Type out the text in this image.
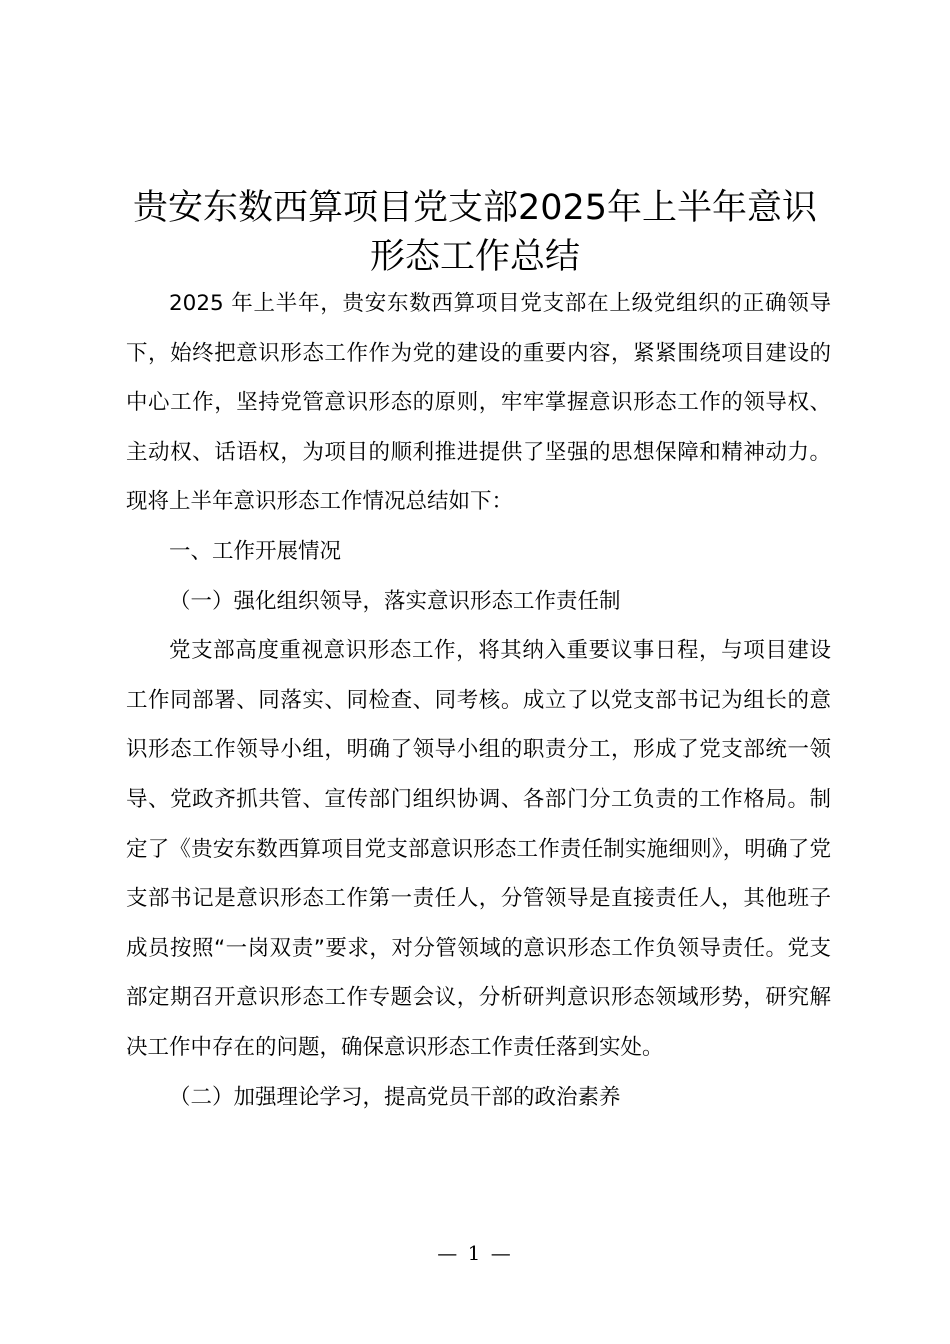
贵安东数西算项目党支部2025年上半年意识
形态工作总结

2025 年上半年，贵安东数西算项目党支部在上级党组织的正确领导下，始终把意识形态工作作为党的建设的重要内容，紧紧围绕项目建设的中心工作，坚持党管意识形态的原则，牢牢掌握意识形态工作的领导权、主动权、话语权，为项目的顺利推进提供了坚强的思想保障和精神动力。现将上半年意识形态工作情况总结如下：

一、工作开展情况

（一）强化组织领导，落实意识形态工作责任制

党支部高度重视意识形态工作，将其纳入重要议事日程，与项目建设工作同部署、同落实、同检查、同考核。成立了以党支部书记为组长的意识形态工作领导小组，明确了领导小组的职责分工，形成了党支部统一领导、党政齐抓共管、宣传部门组织协调、各部门分工负责的工作格局。制定了《贵安东数西算项目党支部意识形态工作责任制实施细则》，明确了党支部书记是意识形态工作第一责任人，分管领导是直接责任人，其他班子成员按照“一岗双责”要求，对分管领域的意识形态工作负领导责任。党支部定期召开意识形态工作专题会议，分析研判意识形态领域形势，研究解决工作中存在的问题，确保意识形态工作责任落到实处。

（二）加强理论学习，提高党员干部的政治素养

— 1 —
